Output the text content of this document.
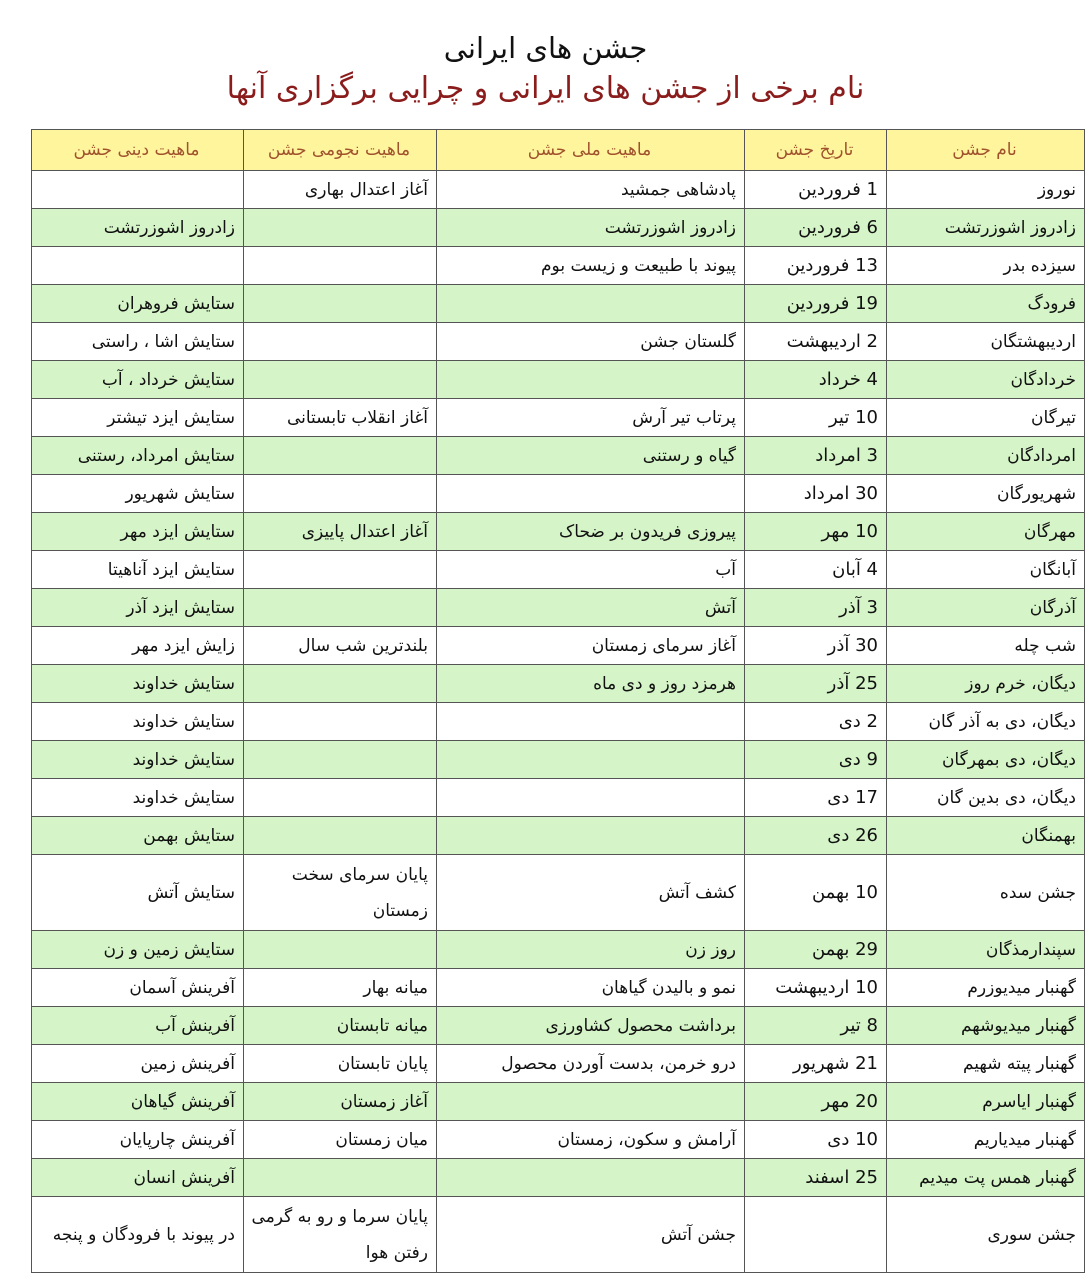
جشن های ایرانی
نام برخی از جشن های ایرانی و چرایی برگزاری آنها
نام جشن	تاریخ جشن	ماهیت ملی جشن	ماهیت نجومی جشن	ماهیت دینی جشن
نوروز	1 فروردین	پادشاهی جمشید	آغاز اعتدال بهاری	
زادروز اشوزرتشت	6 فروردین	زادروز اشوزرتشت		زادروز اشوزرتشت
سیزده بدر	13 فروردین	پیوند با طبیعت و زیست بوم		
فرودگ	19 فروردین			ستایش فروهران
اردیبهشتگان	2 اردیبهشت	گلستان جشن		ستایش اشا ، راستی
خردادگان	4 خرداد			ستایش خرداد ، آب
تیرگان	10 تیر	پرتاب تیر آرش	آغاز انقلاب تابستانی	ستایش ایزد تیشتر
امردادگان	3 امرداد	گیاه و رستنی		ستایش امرداد، رستنی
شهریورگان	30 امرداد			ستایش شهریور
مهرگان	10 مهر	پیروزی فریدون بر ضحاک	آغاز اعتدال پاییزی	ستایش ایزد مهر
آبانگان	4 آبان	آب		ستایش ایزد آناهیتا
آذرگان	3 آذر	آتش		ستایش ایزد آذر
شب چله	30 آذر	آغاز سرمای زمستان	بلندترین شب سال	زایش ایزد مهر
دیگان، خرم روز	25 آذر	هرمزد روز و دی ماه		ستایش خداوند
دیگان، دی به آذر گان	2 دی			ستایش خداوند
دیگان، دی بمهرگان	9 دی			ستایش خداوند
دیگان، دی بدین گان	17 دی			ستایش خداوند
بهمنگان	26 دی			ستایش بهمن
جشن سده	10 بهمن	کشف آتش	پایان سرمای سخت زمستان	ستایش آتش
سپندارمذگان	29 بهمن	روز زن		ستایش زمین و زن
گهنبار میدیوزرم	10 اردیبهشت	نمو و بالیدن گیاهان	میانه بهار	آفرینش آسمان
گهنبار میدیوشهم	8 تیر	برداشت محصول کشاورزی	میانه تابستان	آفرینش آب
گهنبار پیته شهیم	21 شهریور	درو خرمن، بدست آوردن محصول	پایان تابستان	آفرینش زمین
گهنبار ایاسرم	20 مهر		آغاز زمستان	آفرینش گیاهان
گهنبار میدیاریم	10 دی	آرامش و سکون، زمستان	میان زمستان	آفرینش چارپایان
گهنبار همس پت میدیم	25 اسفند			آفرینش انسان
جشن سوری		جشن آتش	پایان سرما و رو به گرمی رفتن هوا	در پیوند با فرودگان و پنجه
